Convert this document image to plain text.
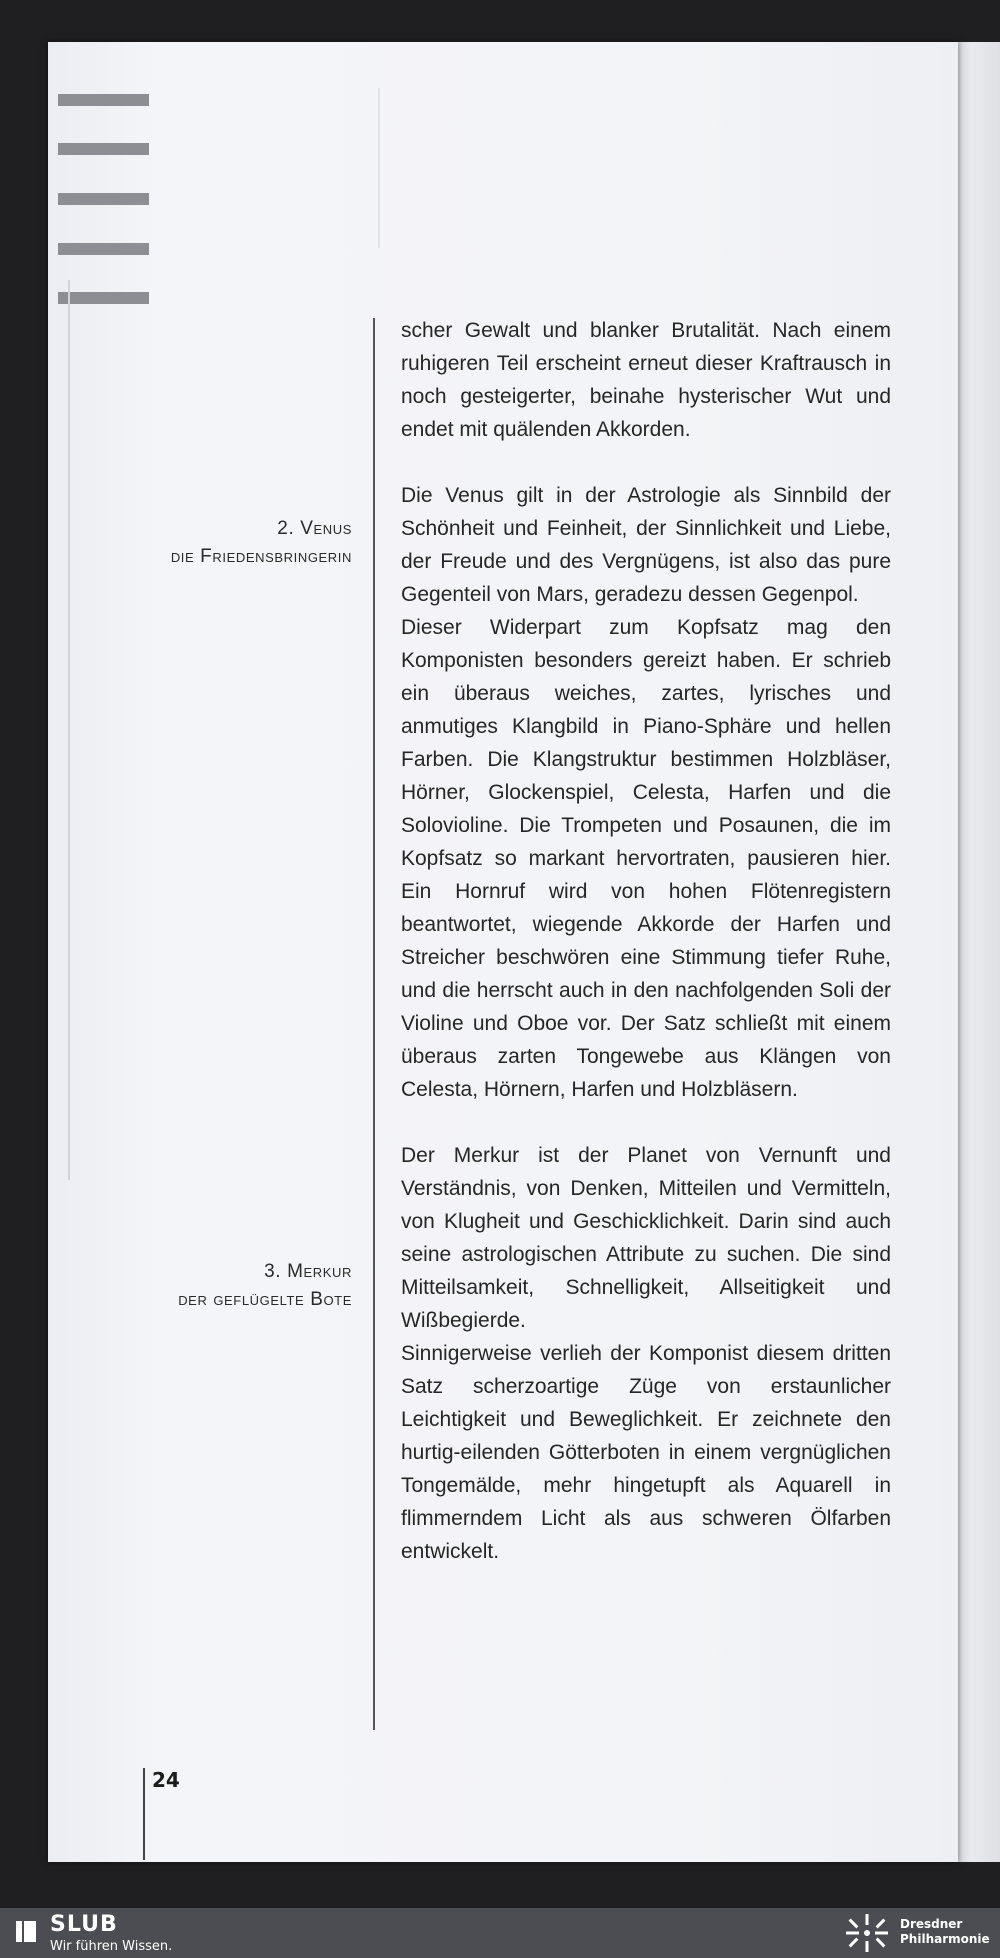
2. Venus
die Friedensbringerin
3. Merkur
der geflügelte Bote

scher Gewalt und blanker Brutalität. Nach einem ruhigeren Teil erscheint erneut dieser Kraftrausch in noch gesteigerter, beinahe hysterischer Wut und endet mit quälenden Akkorden.

Die Venus gilt in der Astrologie als Sinnbild der Schönheit und Feinheit, der Sinnlichkeit und Liebe, der Freude und des Vergnügens, ist also das pure Gegenteil von Mars, geradezu dessen Gegenpol.

Dieser Widerpart zum Kopfsatz mag den Komponisten besonders gereizt haben. Er schrieb ein überaus weiches, zartes, lyrisches und anmutiges Klangbild in Piano-Sphäre und hellen Farben. Die Klangstruktur bestimmen Holzbläser, Hörner, Glockenspiel, Celesta, Harfen und die Solovioline. Die Trompeten und Posaunen, die im Kopfsatz so markant hervortraten, pausieren hier. Ein Hornruf wird von hohen Flötenregistern beantwortet, wiegende Akkorde der Harfen und Streicher beschwören eine Stimmung tiefer Ruhe, und die herrscht auch in den nachfolgenden Soli der Violine und Oboe vor. Der Satz schließt mit einem überaus zarten Tongewebe aus Klängen von Celesta, Hörnern, Harfen und Holzbläsern.

Der Merkur ist der Planet von Vernunft und Verständnis, von Denken, Mitteilen und Vermitteln, von Klugheit und Geschicklichkeit. Darin sind auch seine astrologischen Attribute zu suchen. Die sind Mitteilsamkeit, Schnelligkeit, Allseitigkeit und Wißbegierde.

Sinnigerweise verlieh der Komponist diesem dritten Satz scherzoartige Züge von erstaunlicher Leichtigkeit und Beweglichkeit. Er zeichnete den hurtig-eilenden Götterboten in einem vergnüglichen Tongemälde, mehr hingetupft als Aquarell in flimmerndem Licht als aus schweren Ölfarben entwickelt.

24
SLUB
Wir führen Wissen.
Dresdner
Philharmonie
